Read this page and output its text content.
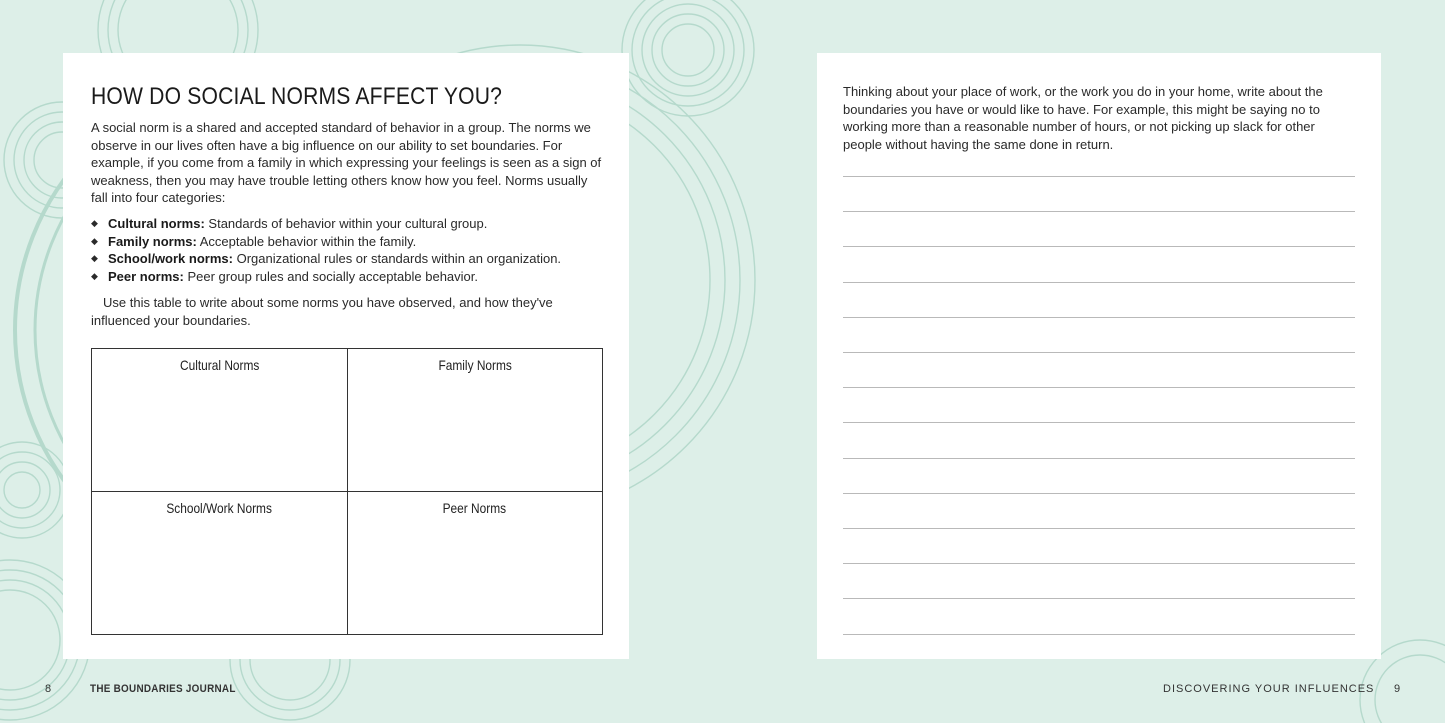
HOW DO SOCIAL NORMS AFFECT YOU?

A social norm is a shared and accepted standard of behavior in a group. The norms we observe in our lives often have a big influence on our ability to set boundaries. For example, if you come from a family in which expressing your feelings is seen as a sign of weakness, then you may have trouble letting others know how you feel. Norms usually fall into four categories:

◆ Cultural norms: Standards of behavior within your cultural group.
◆ Family norms: Acceptable behavior within the family.
◆ School/work norms: Organizational rules or standards within an organization.
◆ Peer norms: Peer group rules and socially acceptable behavior.

Use this table to write about some norms you have observed, and how they've influenced your boundaries.

Cultural Norms	Family Norms
School/Work Norms	Peer Norms

Thinking about your place of work, or the work you do in your home, write about the boundaries you have or would like to have. For example, this might be saying no to working more than a reasonable number of hours, or not picking up slack for other people without having the same done in return.

8	THE BOUNDARIES JOURNAL	DISCOVERING YOUR INFLUENCES 9
